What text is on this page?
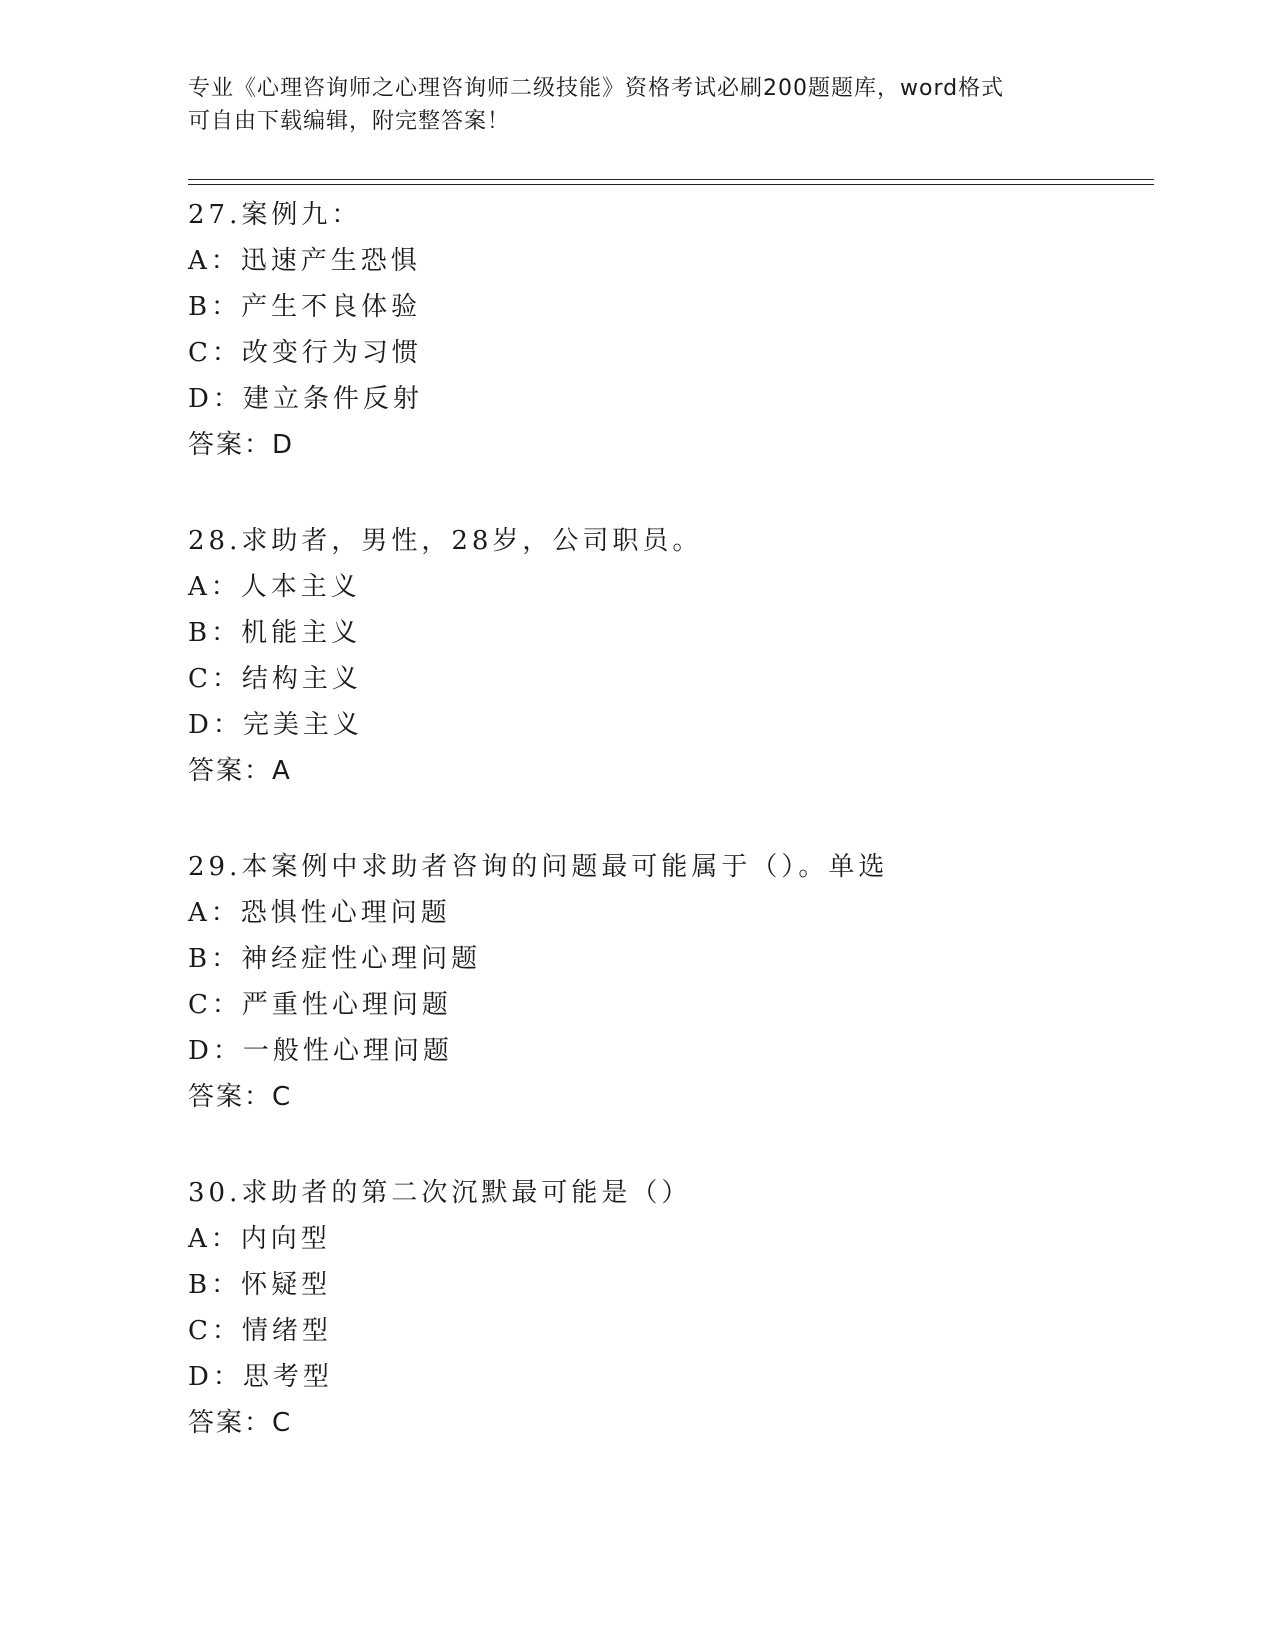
专业《心理咨询师之心理咨询师二级技能》资格考试必刷200题题库，word格式
可自由下载编辑，附完整答案！
27.案例九：
A：迅速产生恐惧
B：产生不良体验
C：改变行为习惯
D：建立条件反射
答案：D
28.求助者，男性，28岁，公司职员。
A：人本主义
B：机能主义
C：结构主义
D：完美主义
答案：A
29.本案例中求助者咨询的问题最可能属于（）。单选
A：恐惧性心理问题
B：神经症性心理问题
C：严重性心理问题
D：一般性心理问题
答案：C
30.求助者的第二次沉默最可能是（）
A：内向型
B：怀疑型
C：情绪型
D：思考型
答案：C
